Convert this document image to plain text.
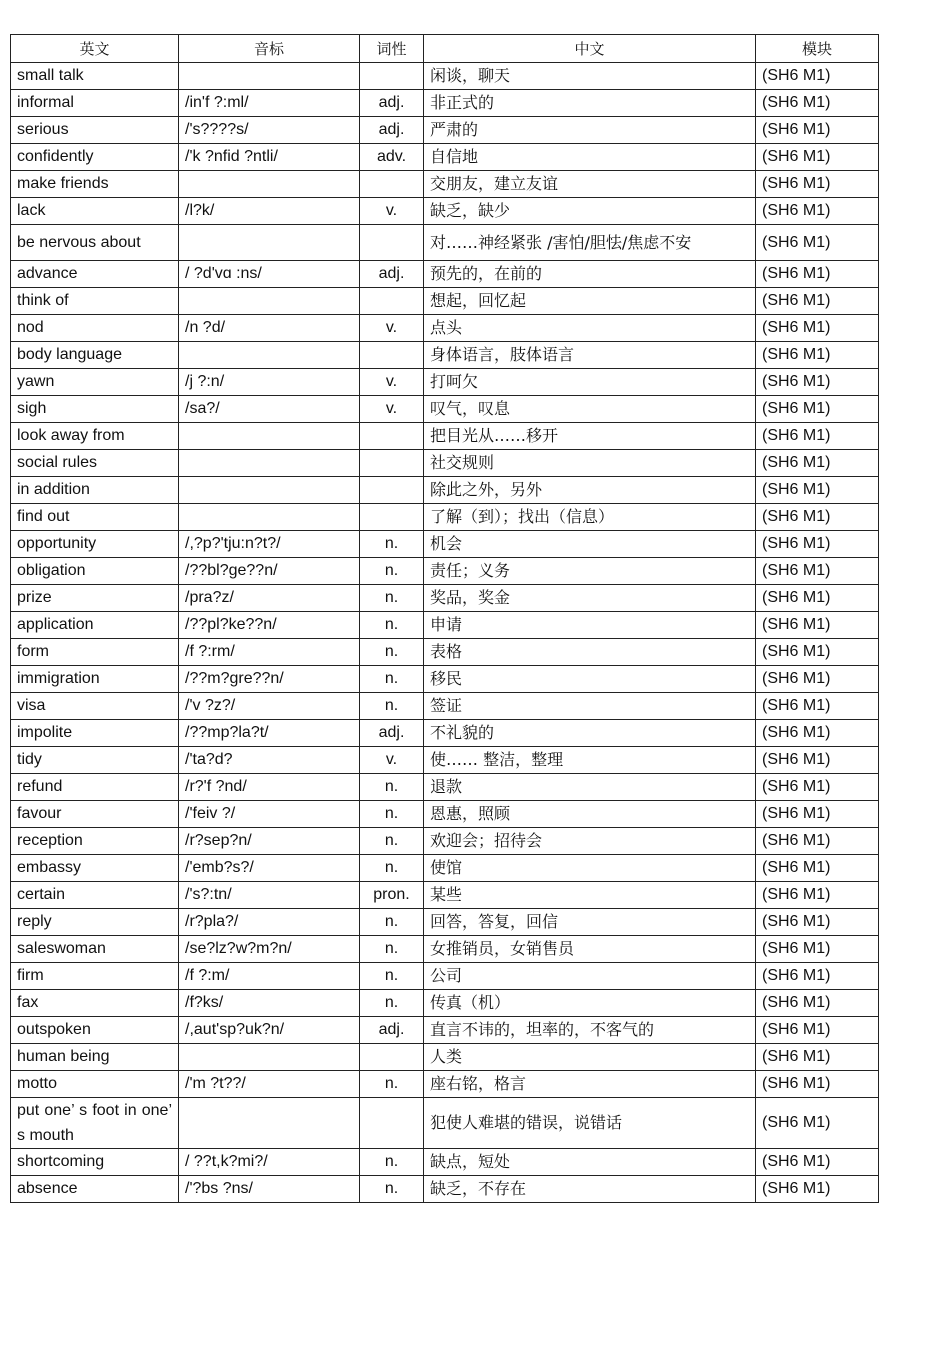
英文	音标	词性	中文	模块
small talk			闲谈，聊天	(SH6 M1)
informal	/in'f ?:ml/	adj.	非正式的	(SH6 M1)
serious	/'s????s/	adj.	严肃的	(SH6 M1)
confidently	/'k ?nfid ?ntli/	adv.	自信地	(SH6 M1)
make friends			交朋友，建立友谊	(SH6 M1)
lack	/l?k/	v.	缺乏，缺少	(SH6 M1)
be nervous about			对……神经紧张 /害怕/胆怯/焦虑不安	(SH6 M1)
advance	/ ?d'vɑ :ns/	adj.	预先的，在前的	(SH6 M1)
think of			想起，回忆起	(SH6 M1)
nod	/n ?d/	v.	点头	(SH6 M1)
body language			身体语言，肢体语言	(SH6 M1)
yawn	/j ?:n/	v.	打呵欠	(SH6 M1)
sigh	/sa?/	v.	叹气，叹息	(SH6 M1)
look away from			把目光从……移开	(SH6 M1)
social rules			社交规则	(SH6 M1)
in addition			除此之外，另外	(SH6 M1)
find out			了解（到）；找出（信息）	(SH6 M1)
opportunity	/,?p?'tju:n?t?/	n.	机会	(SH6 M1)
obligation	/??bl?ge??n/	n.	责任；义务	(SH6 M1)
prize	/pra?z/	n.	奖品，奖金	(SH6 M1)
application	/??pl?ke??n/	n.	申请	(SH6 M1)
form	/f ?:rm/	n.	表格	(SH6 M1)
immigration	/??m?gre??n/	n.	移民	(SH6 M1)
visa	/'v ?z?/	n.	签证	(SH6 M1)
impolite	/??mp?la?t/	adj.	不礼貌的	(SH6 M1)
tidy	/'ta?d?	v.	使…… 整洁，整理	(SH6 M1)
refund	/r?'f ?nd/	n.	退款	(SH6 M1)
favour	/'feiv ?/	n.	恩惠，照顾	(SH6 M1)
reception	/r?sep?n/	n.	欢迎会；招待会	(SH6 M1)
embassy	/'emb?s?/	n.	使馆	(SH6 M1)
certain	/'s?:tn/	pron.	某些	(SH6 M1)
reply	/r?pla?/	n.	回答，答复，回信	(SH6 M1)
saleswoman	/se?lz?w?m?n/	n.	女推销员，女销售员	(SH6 M1)
firm	/f ?:m/	n.	公司	(SH6 M1)
fax	/f?ks/	n.	传真（机）	(SH6 M1)
outspoken	/,aut'sp?uk?n/	adj.	直言不讳的，坦率的，不客气的	(SH6 M1)
human being			人类	(SH6 M1)
motto	/'m ?t??/	n.	座右铭，格言	(SH6 M1)
put one’ s foot in one’ s mouth			犯使人难堪的错误，说错话	(SH6 M1)
shortcoming	/ ??t,k?mi?/	n.	缺点，短处	(SH6 M1)
absence	/'?bs ?ns/	n.	缺乏，不存在	(SH6 M1)
